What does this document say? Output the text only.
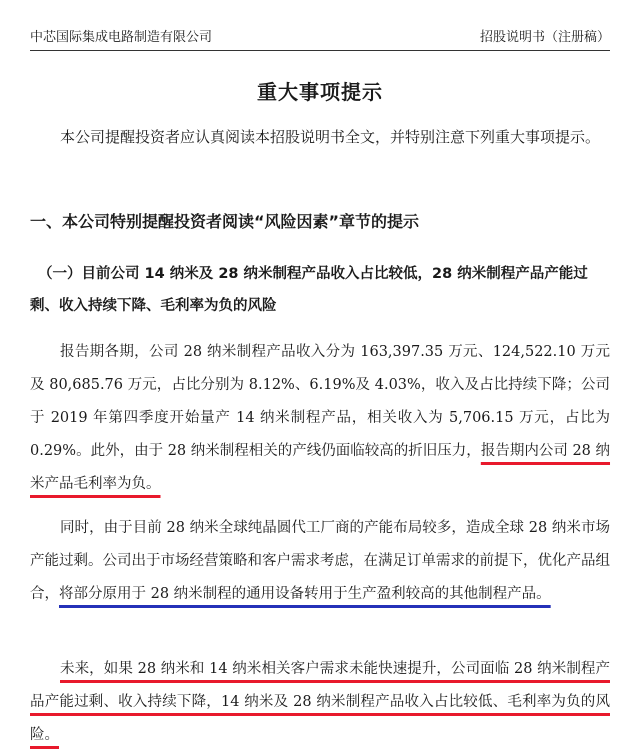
中芯国际集成电路制造有限公司	招股说明书（注册稿）
重大事项提示
本公司提醒投资者应认真阅读本招股说明书全文，并特别注意下列重大事项提示。
一、本公司特别提醒投资者阅读“风险因素”章节的提示
（一）目前公司 14 纳米及 28 纳米制程产品收入占比较低，28 纳米制程产品产能过剩、收入持续下降、毛利率为负的风险
报告期各期，公司 28 纳米制程产品收入分为 163,397.35 万元、124,522.10 万元及 80,685.76 万元，占比分别为 8.12%、6.19%及 4.03%，收入及占比持续下降；公司于 2019 年第四季度开始量产 14 纳米制程产品，相关收入为 5,706.15 万元，占比为 0.29%。此外，由于 28 纳米制程相关的产线仍面临较高的折旧压力，报告期内公司 28 纳米产品毛利率为负。
同时，由于目前 28 纳米全球纯晶圆代工厂商的产能布局较多，造成全球 28 纳米市场产能过剩。公司出于市场经营策略和客户需求考虑，在满足订单需求的前提下，优化产品组合，将部分原用于 28 纳米制程的通用设备转用于生产盈利较高的其他制程产品。
未来，如果 28 纳米和 14 纳米相关客户需求未能快速提升，公司面临 28 纳米制程产品产能过剩、收入持续下降，14 纳米及 28 纳米制程产品收入占比较低、毛利率为负的风险。
